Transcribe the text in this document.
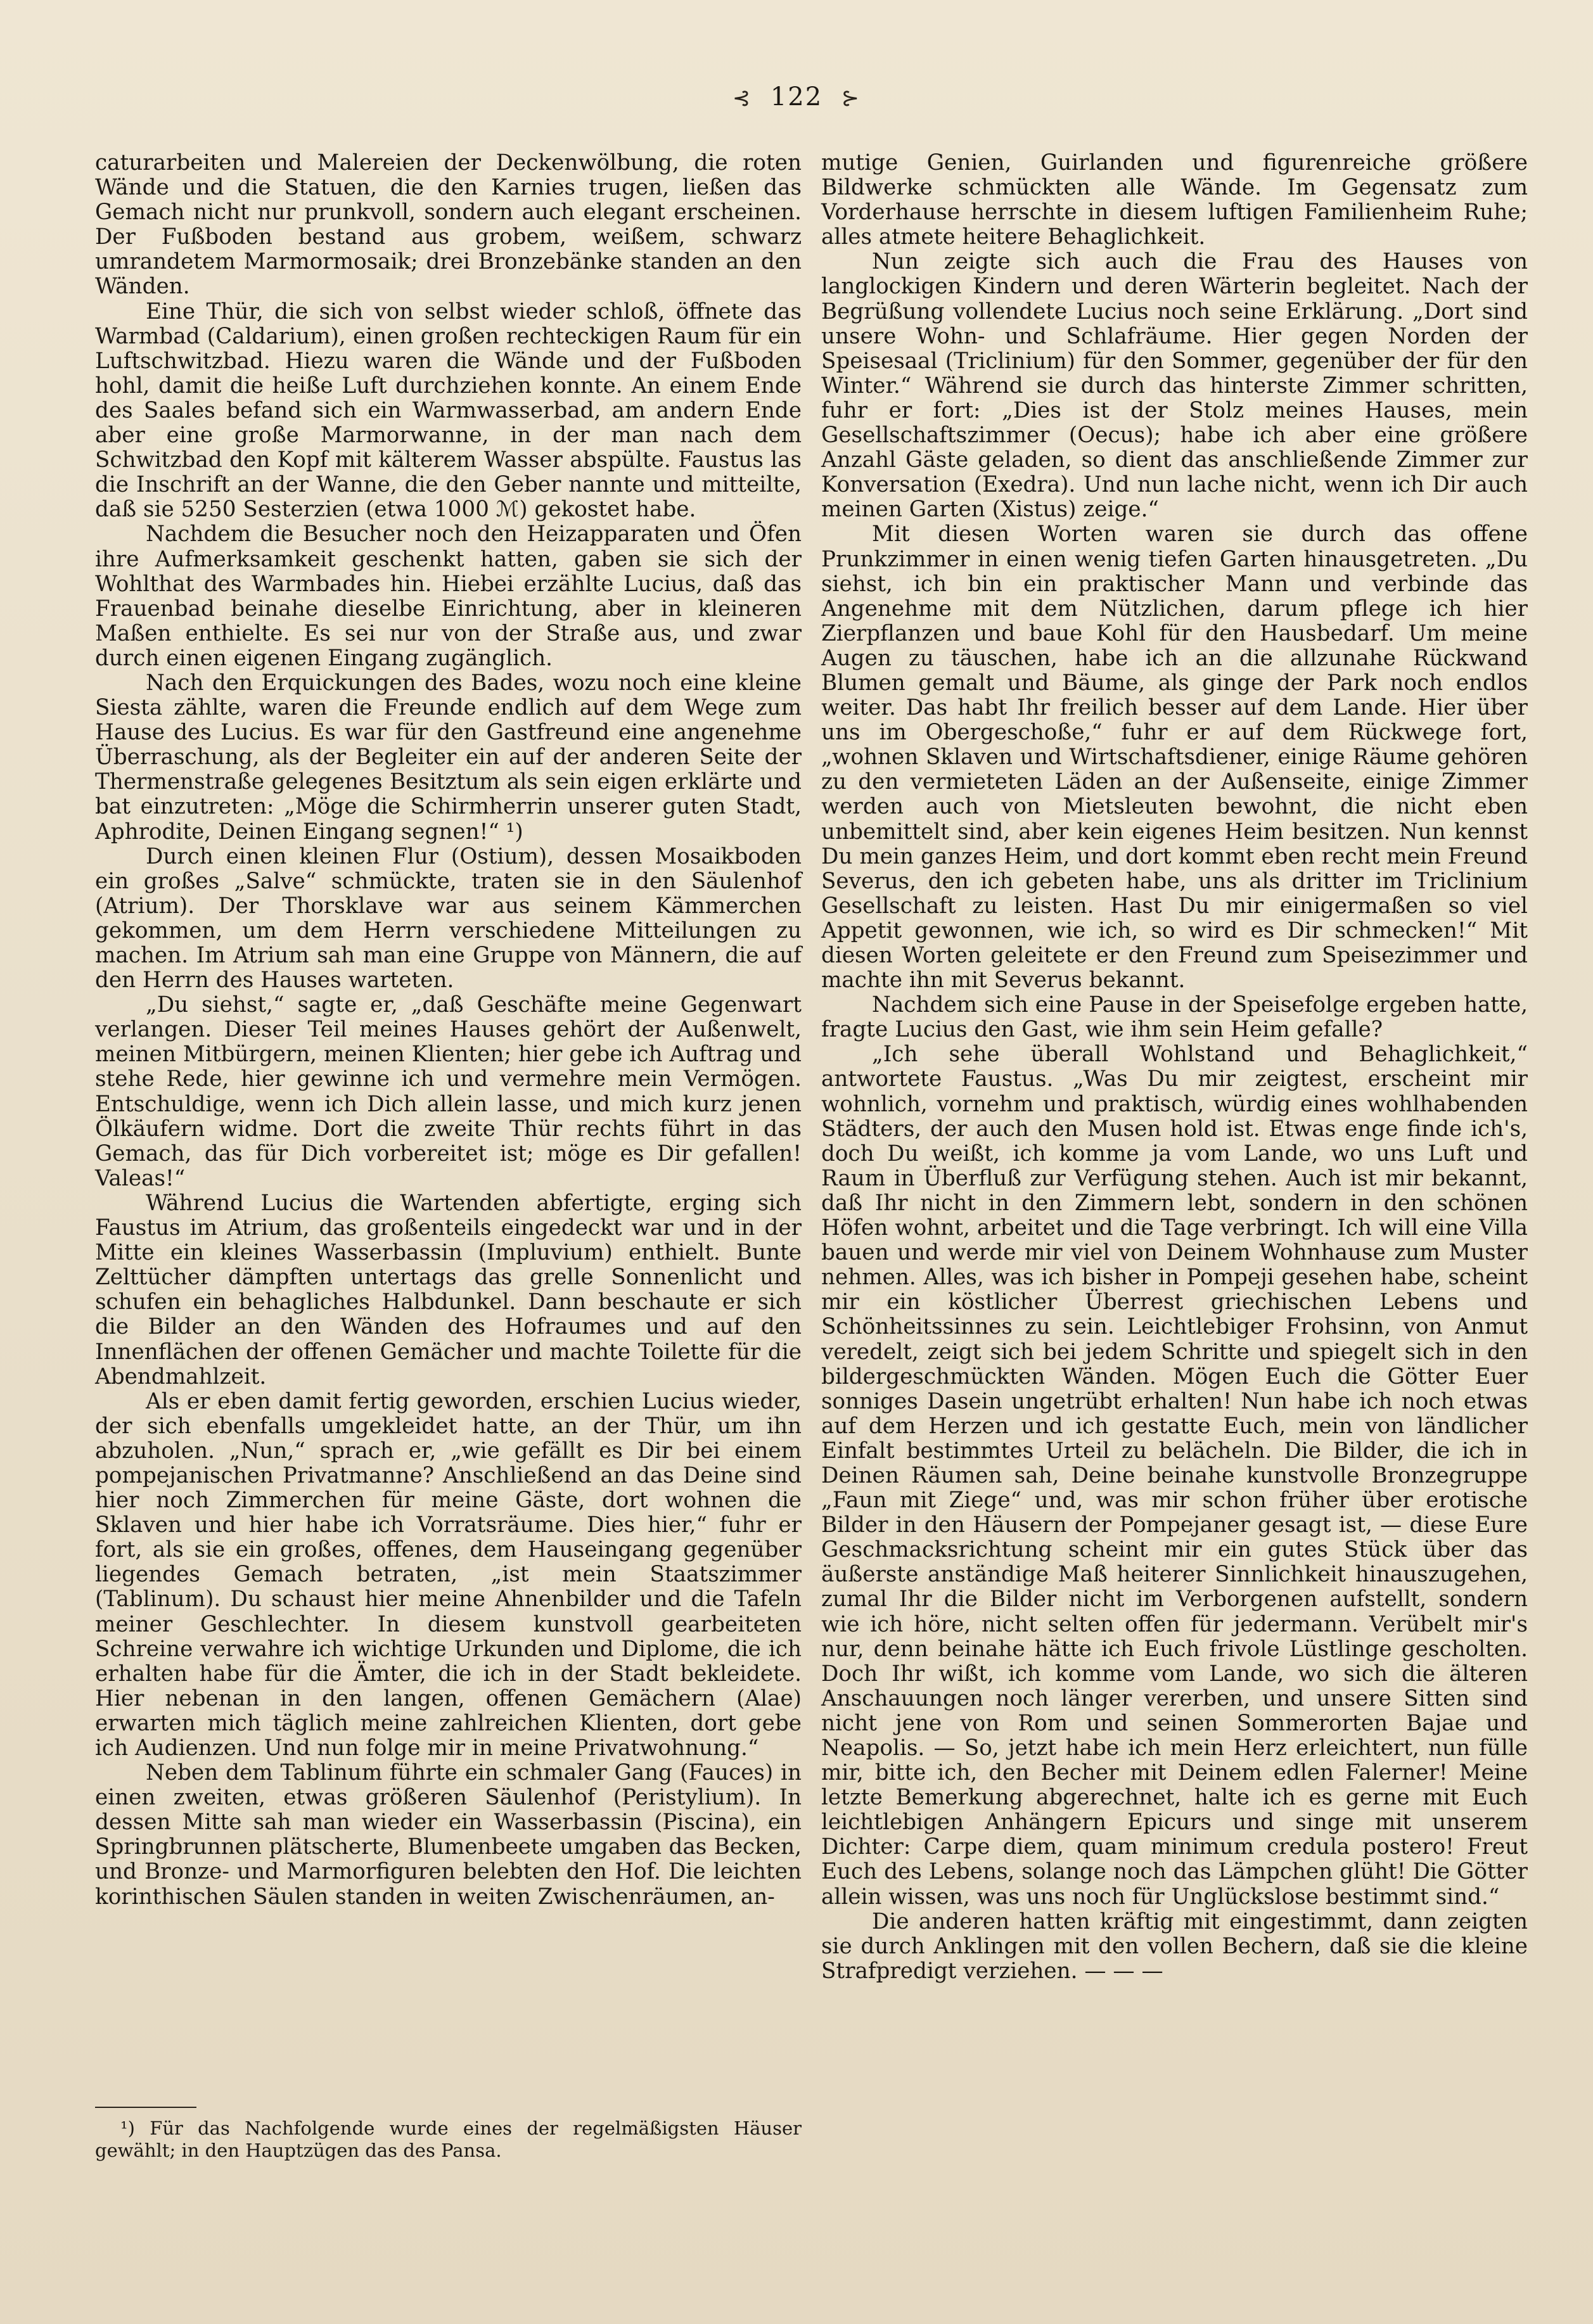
⊰ 122 ⊱

caturarbeiten und Malereien der Deckenwölbung, die roten Wände und die Statuen, die den Karnies trugen, ließen das Gemach nicht nur prunkvoll, sondern auch elegant erscheinen. Der Fußboden bestand aus grobem, weißem, schwarz umrandetem Marmormosaik; drei Bronzebänke standen an den Wänden.

Eine Thür, die sich von selbst wieder schloß, öffnete das Warmbad (Caldarium), einen großen rechteckigen Raum für ein Luftschwitzbad. Hiezu waren die Wände und der Fußboden hohl, damit die heiße Luft durchziehen konnte. An einem Ende des Saales befand sich ein Warmwasserbad, am andern Ende aber eine große Marmorwanne, in der man nach dem Schwitzbad den Kopf mit kälterem Wasser abspülte. Faustus las die Inschrift an der Wanne, die den Geber nannte und mitteilte, daß sie 5250 Sesterzien (etwa 1000 ℳ) gekostet habe.

Nachdem die Besucher noch den Heizapparaten und Öfen ihre Aufmerksamkeit geschenkt hatten, gaben sie sich der Wohlthat des Warmbades hin. Hiebei erzählte Lucius, daß das Frauenbad beinahe dieselbe Einrichtung, aber in kleineren Maßen enthielte. Es sei nur von der Straße aus, und zwar durch einen eigenen Eingang zugänglich.

Nach den Erquickungen des Bades, wozu noch eine kleine Siesta zählte, waren die Freunde endlich auf dem Wege zum Hause des Lucius. Es war für den Gastfreund eine angenehme Überraschung, als der Begleiter ein auf der anderen Seite der Thermenstraße gelegenes Besitztum als sein eigen erklärte und bat einzutreten: „Möge die Schirmherrin unserer guten Stadt, Aphrodite, Deinen Eingang segnen!“ ¹)

Durch einen kleinen Flur (Ostium), dessen Mosaikboden ein großes „Salve“ schmückte, traten sie in den Säulenhof (Atrium). Der Thorsklave war aus seinem Kämmerchen gekommen, um dem Herrn verschiedene Mitteilungen zu machen. Im Atrium sah man eine Gruppe von Männern, die auf den Herrn des Hauses warteten.

„Du siehst,“ sagte er, „daß Geschäfte meine Gegenwart verlangen. Dieser Teil meines Hauses gehört der Außenwelt, meinen Mitbürgern, meinen Klienten; hier gebe ich Auftrag und stehe Rede, hier gewinne ich und vermehre mein Vermögen. Entschuldige, wenn ich Dich allein lasse, und mich kurz jenen Ölkäufern widme. Dort die zweite Thür rechts führt in das Gemach, das für Dich vorbereitet ist; möge es Dir gefallen! Valeas!“

Während Lucius die Wartenden abfertigte, erging sich Faustus im Atrium, das großenteils eingedeckt war und in der Mitte ein kleines Wasserbassin (Impluvium) enthielt. Bunte Zelttücher dämpften untertags das grelle Sonnenlicht und schufen ein behagliches Halbdunkel. Dann beschaute er sich die Bilder an den Wänden des Hofraumes und auf den Innenflächen der offenen Gemächer und machte Toilette für die Abendmahlzeit.

Als er eben damit fertig geworden, erschien Lucius wieder, der sich ebenfalls umgekleidet hatte, an der Thür, um ihn abzuholen. „Nun,“ sprach er, „wie gefällt es Dir bei einem pompejanischen Privatmanne? Anschließend an das Deine sind hier noch Zimmerchen für meine Gäste, dort wohnen die Sklaven und hier habe ich Vorratsräume. Dies hier,“ fuhr er fort, als sie ein großes, offenes, dem Hauseingang gegenüber liegendes Gemach betraten, „ist mein Staatszimmer (Tablinum). Du schaust hier meine Ahnenbilder und die Tafeln meiner Geschlechter. In diesem kunstvoll gearbeiteten Schreine verwahre ich wichtige Urkunden und Diplome, die ich erhalten habe für die Ämter, die ich in der Stadt bekleidete. Hier nebenan in den langen, offenen Gemächern (Alae) erwarten mich täglich meine zahlreichen Klienten, dort gebe ich Audienzen. Und nun folge mir in meine Privatwohnung.“

Neben dem Tablinum führte ein schmaler Gang (Fauces) in einen zweiten, etwas größeren Säulenhof (Peristylium). In dessen Mitte sah man wieder ein Wasserbassin (Piscina), ein Springbrunnen plätscherte, Blumenbeete umgaben das Becken, und Bronze- und Marmorfiguren belebten den Hof. Die leichten korinthischen Säulen standen in weiten Zwischenräumen, an-

mutige Genien, Guirlanden und figurenreiche größere Bildwerke schmückten alle Wände. Im Gegensatz zum Vorderhause herrschte in diesem luftigen Familienheim Ruhe; alles atmete heitere Behaglichkeit.

Nun zeigte sich auch die Frau des Hauses von langlockigen Kindern und deren Wärterin begleitet. Nach der Begrüßung vollendete Lucius noch seine Erklärung. „Dort sind unsere Wohn- und Schlafräume. Hier gegen Norden der Speisesaal (Triclinium) für den Sommer, gegenüber der für den Winter.“ Während sie durch das hinterste Zimmer schritten, fuhr er fort: „Dies ist der Stolz meines Hauses, mein Gesellschaftszimmer (Oecus); habe ich aber eine größere Anzahl Gäste geladen, so dient das anschließende Zimmer zur Konversation (Exedra). Und nun lache nicht, wenn ich Dir auch meinen Garten (Xistus) zeige.“

Mit diesen Worten waren sie durch das offene Prunkzimmer in einen wenig tiefen Garten hinausgetreten. „Du siehst, ich bin ein praktischer Mann und verbinde das Angenehme mit dem Nützlichen, darum pflege ich hier Zierpflanzen und baue Kohl für den Hausbedarf. Um meine Augen zu täuschen, habe ich an die allzunahe Rückwand Blumen gemalt und Bäume, als ginge der Park noch endlos weiter. Das habt Ihr freilich besser auf dem Lande. Hier über uns im Obergeschoße,“ fuhr er auf dem Rückwege fort, „wohnen Sklaven und Wirtschaftsdiener, einige Räume gehören zu den vermieteten Läden an der Außenseite, einige Zimmer werden auch von Mietsleuten bewohnt, die nicht eben unbemittelt sind, aber kein eigenes Heim besitzen. Nun kennst Du mein ganzes Heim, und dort kommt eben recht mein Freund Severus, den ich gebeten habe, uns als dritter im Triclinium Gesellschaft zu leisten. Hast Du mir einigermaßen so viel Appetit gewonnen, wie ich, so wird es Dir schmecken!“ Mit diesen Worten geleitete er den Freund zum Speisezimmer und machte ihn mit Severus bekannt.

Nachdem sich eine Pause in der Speisefolge ergeben hatte, fragte Lucius den Gast, wie ihm sein Heim gefalle?

„Ich sehe überall Wohlstand und Behaglichkeit,“ antwortete Faustus. „Was Du mir zeigtest, erscheint mir wohnlich, vornehm und praktisch, würdig eines wohlhabenden Städters, der auch den Musen hold ist. Etwas enge finde ich's, doch Du weißt, ich komme ja vom Lande, wo uns Luft und Raum in Überfluß zur Verfügung stehen. Auch ist mir bekannt, daß Ihr nicht in den Zimmern lebt, sondern in den schönen Höfen wohnt, arbeitet und die Tage verbringt. Ich will eine Villa bauen und werde mir viel von Deinem Wohnhause zum Muster nehmen. Alles, was ich bisher in Pompeji gesehen habe, scheint mir ein köstlicher Überrest griechischen Lebens und Schönheitssinnes zu sein. Leichtlebiger Frohsinn, von Anmut veredelt, zeigt sich bei jedem Schritte und spiegelt sich in den bildergeschmückten Wänden. Mögen Euch die Götter Euer sonniges Dasein ungetrübt erhalten! Nun habe ich noch etwas auf dem Herzen und ich gestatte Euch, mein von ländlicher Einfalt bestimmtes Urteil zu belächeln. Die Bilder, die ich in Deinen Räumen sah, Deine beinahe kunstvolle Bronzegruppe „Faun mit Ziege“ und, was mir schon früher über erotische Bilder in den Häusern der Pompejaner gesagt ist, — diese Eure Geschmacksrichtung scheint mir ein gutes Stück über das äußerste anständige Maß heiterer Sinnlichkeit hinauszugehen, zumal Ihr die Bilder nicht im Verborgenen aufstellt, sondern wie ich höre, nicht selten offen für jedermann. Verübelt mir's nur, denn beinahe hätte ich Euch frivole Lüstlinge gescholten. Doch Ihr wißt, ich komme vom Lande, wo sich die älteren Anschauungen noch länger vererben, und unsere Sitten sind nicht jene von Rom und seinen Sommerorten Bajae und Neapolis. — So, jetzt habe ich mein Herz erleichtert, nun fülle mir, bitte ich, den Becher mit Deinem edlen Falerner! Meine letzte Bemerkung abgerechnet, halte ich es gerne mit Euch leichtlebigen Anhängern Epicurs und singe mit unserem Dichter: Carpe diem, quam minimum credula postero! Freut Euch des Lebens, solange noch das Lämpchen glüht! Die Götter allein wissen, was uns noch für Unglückslose bestimmt sind.“

Die anderen hatten kräftig mit eingestimmt, dann zeigten sie durch Anklingen mit den vollen Bechern, daß sie die kleine Strafpredigt verziehen. — — —

¹) Für das Nachfolgende wurde eines der regelmäßigsten Häuser gewählt; in den Hauptzügen das des Pansa.
